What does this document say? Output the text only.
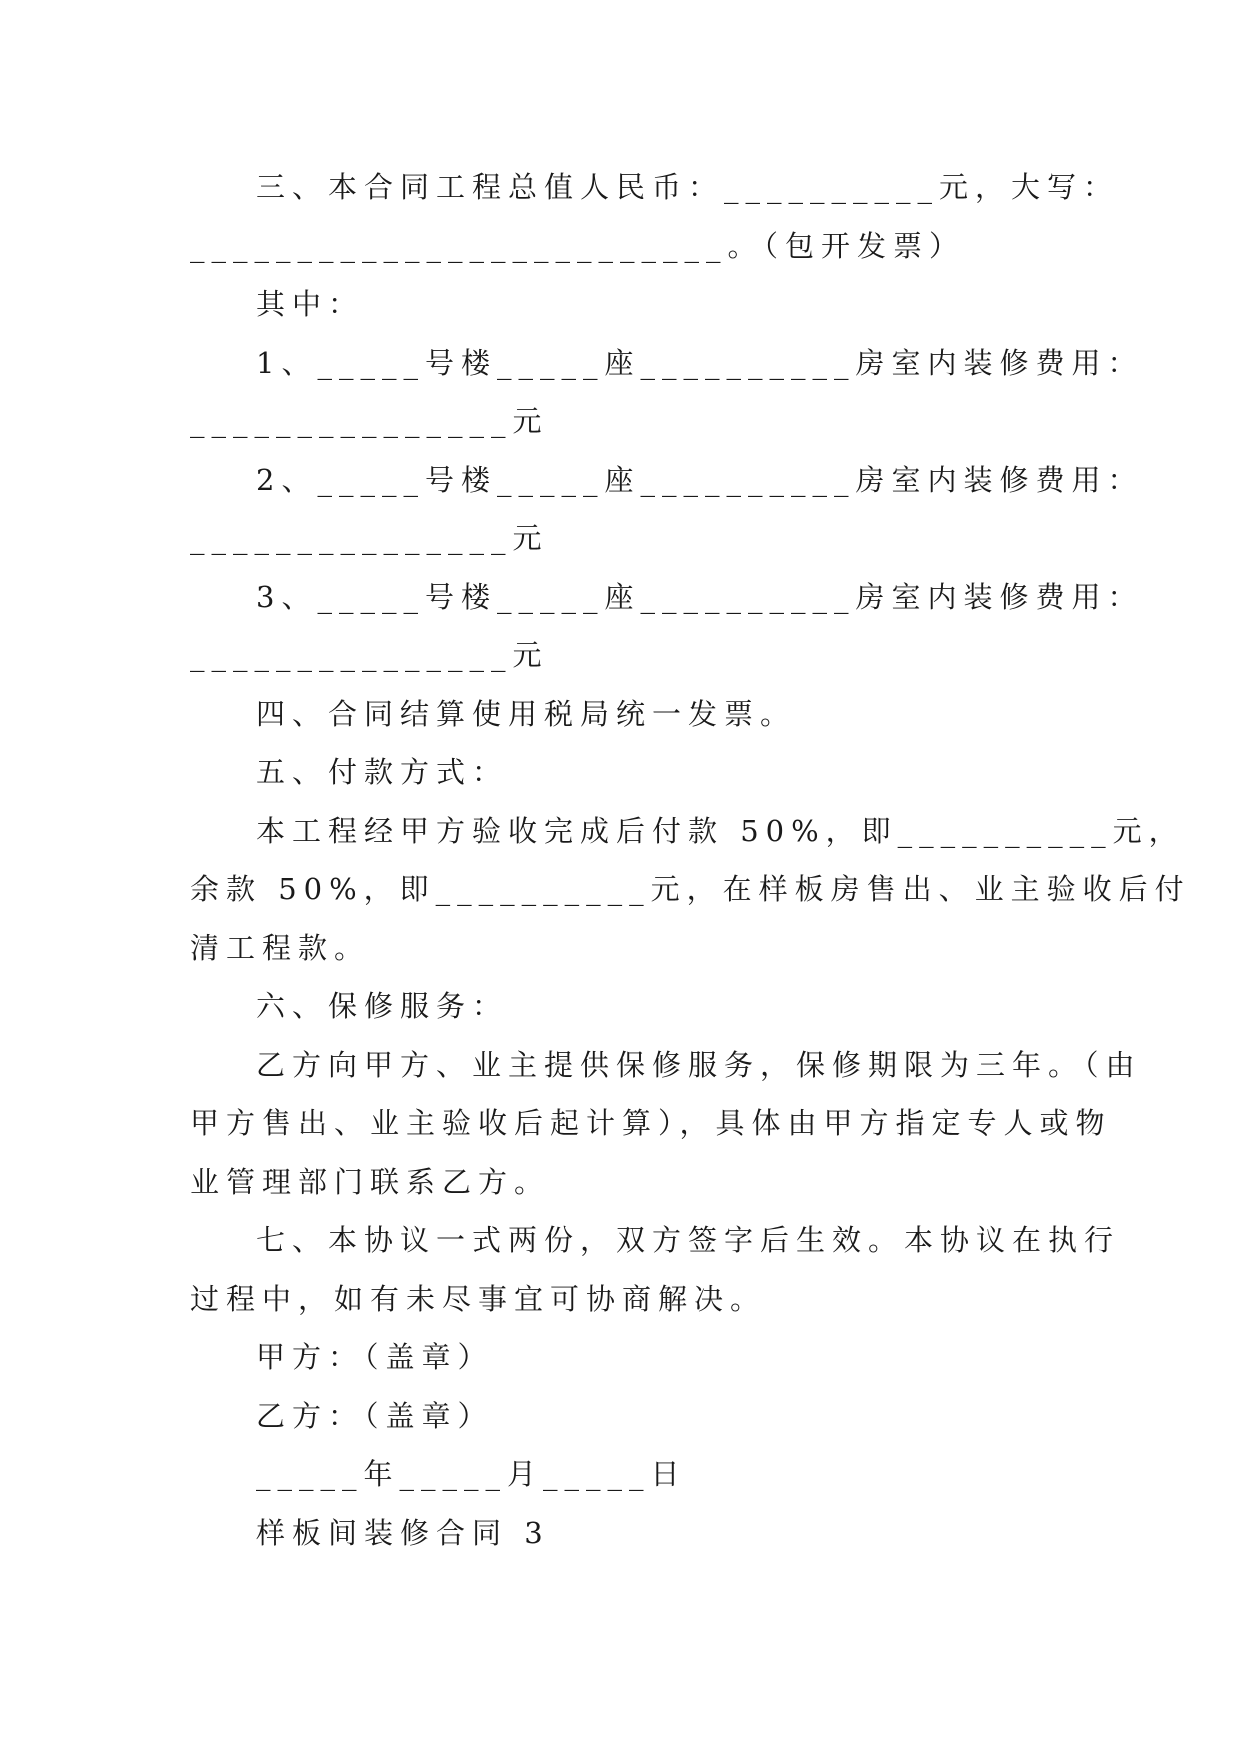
三、本合同工程总值人民币：__________元，大写：
_________________________。（包开发票）
其中：
1、_____号楼_____座__________房室内装修费用：
_______________元
2、_____号楼_____座__________房室内装修费用：
_______________元
3、_____号楼_____座__________房室内装修费用：
_______________元
四、合同结算使用税局统一发票。
五、付款方式：
本工程经甲方验收完成后付款 50%，即__________元，
余款 50%，即__________元，在样板房售出、业主验收后付
清工程款。
六、保修服务：
乙方向甲方、业主提供保修服务，保修期限为三年。（由
甲方售出、业主验收后起计算），具体由甲方指定专人或物
业管理部门联系乙方。
七、本协议一式两份，双方签字后生效。本协议在执行
过程中，如有未尽事宜可协商解决。
甲方：（盖章）
乙方：（盖章）
_____年_____月_____日
样板间装修合同 3
